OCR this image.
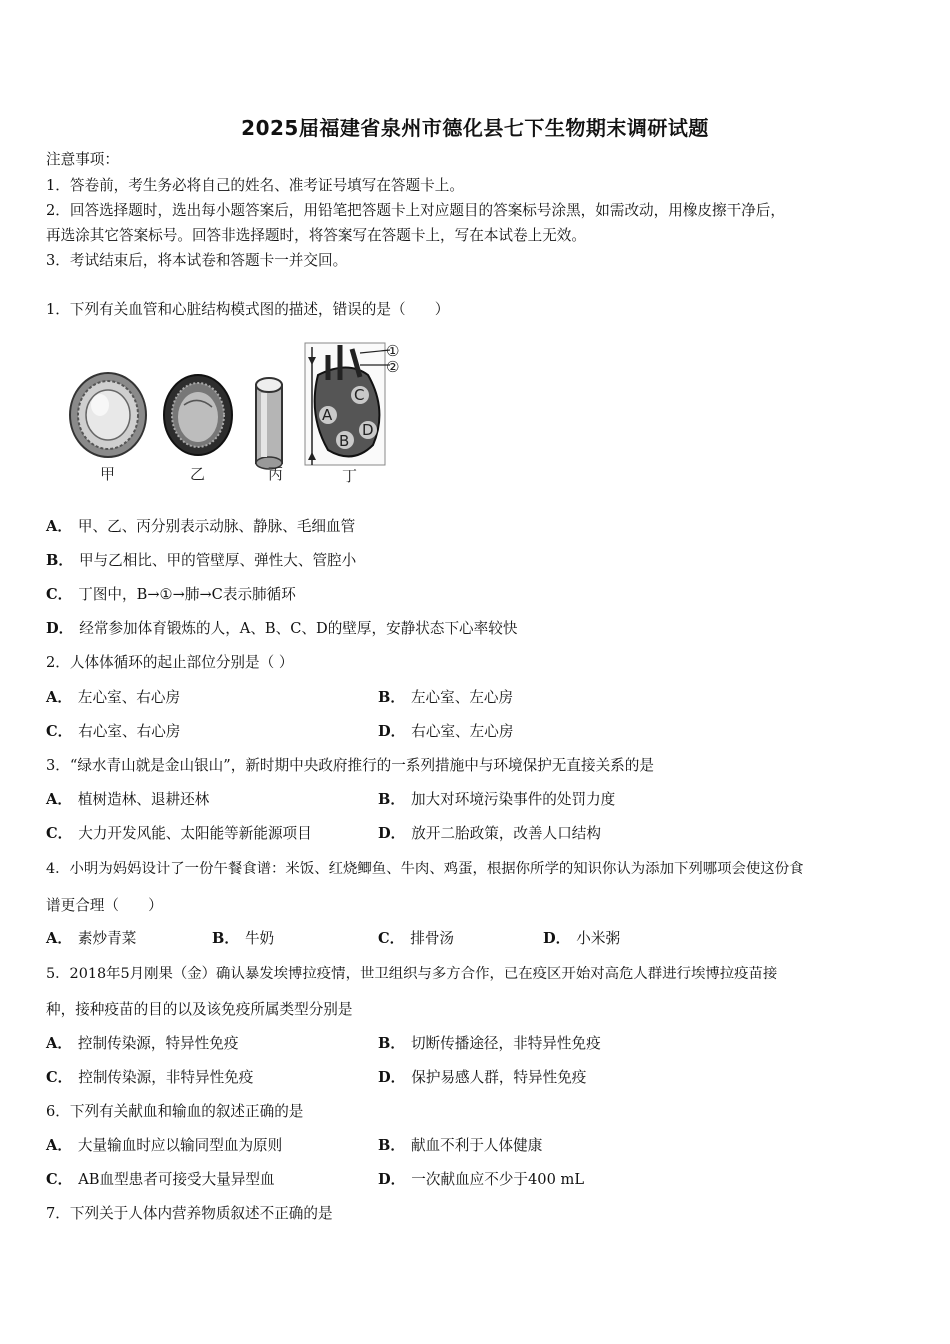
2025届福建省泉州市德化县七下生物期末调研试题
注意事项：
1．答卷前，考生务必将自己的姓名、准考证号填写在答题卡上。
2．回答选择题时，选出每小题答案后，用铅笔把答题卡上对应题目的答案标号涂黑，如需改动，用橡皮擦干净后，
再选涂其它答案标号。回答非选择题时，将答案写在答题卡上，写在本试卷上无效。
3．考试结束后，将本试卷和答题卡一并交回。
1．下列有关血管和心脏结构模式图的描述，错误的是（　　）
A
B
C
D
①
②
甲	乙	丙	丁
A． 甲、乙、丙分别表示动脉、静脉、毛细血管
B． 甲与乙相比、甲的管壁厚、弹性大、管腔小
C． 丁图中，B→①→肺→C表示肺循环
D． 经常参加体育锻炼的人，A、B、C、D的壁厚，安静状态下心率较快
2．人体体循环的起止部位分别是（ ）
A． 左心室、右心房	B． 左心室、左心房
C． 右心室、右心房	D． 右心室、左心房
3．“绿水青山就是金山银山”，新时期中央政府推行的一系列措施中与环境保护无直接关系的是
A． 植树造林、退耕还林	B． 加大对环境污染事件的处罚力度
C． 大力开发风能、太阳能等新能源项目	D． 放开二胎政策，改善人口结构
4．小明为妈妈设计了一份午餐食谱：米饭、红烧鲫鱼、牛肉、鸡蛋，根据你所学的知识你认为添加下列哪项会使这份食
谱更合理（　　）
A． 素炒青菜	B． 牛奶	C． 排骨汤	D． 小米粥
5．2018年5月刚果（金）确认暴发埃博拉疫情，世卫组织与多方合作，已在疫区开始对高危人群进行埃博拉疫苗接
种，接种疫苗的目的以及该免疫所属类型分别是
A． 控制传染源，特异性免疫	B． 切断传播途径，非特异性免疫
C． 控制传染源，非特异性免疫	D． 保护易感人群，特异性免疫
6．下列有关献血和输血的叙述正确的是
A． 大量输血时应以输同型血为原则	B． 献血不利于人体健康
C． AB血型患者可接受大量异型血	D． 一次献血应不少于400 mL
7．下列关于人体内营养物质叙述不正确的是
